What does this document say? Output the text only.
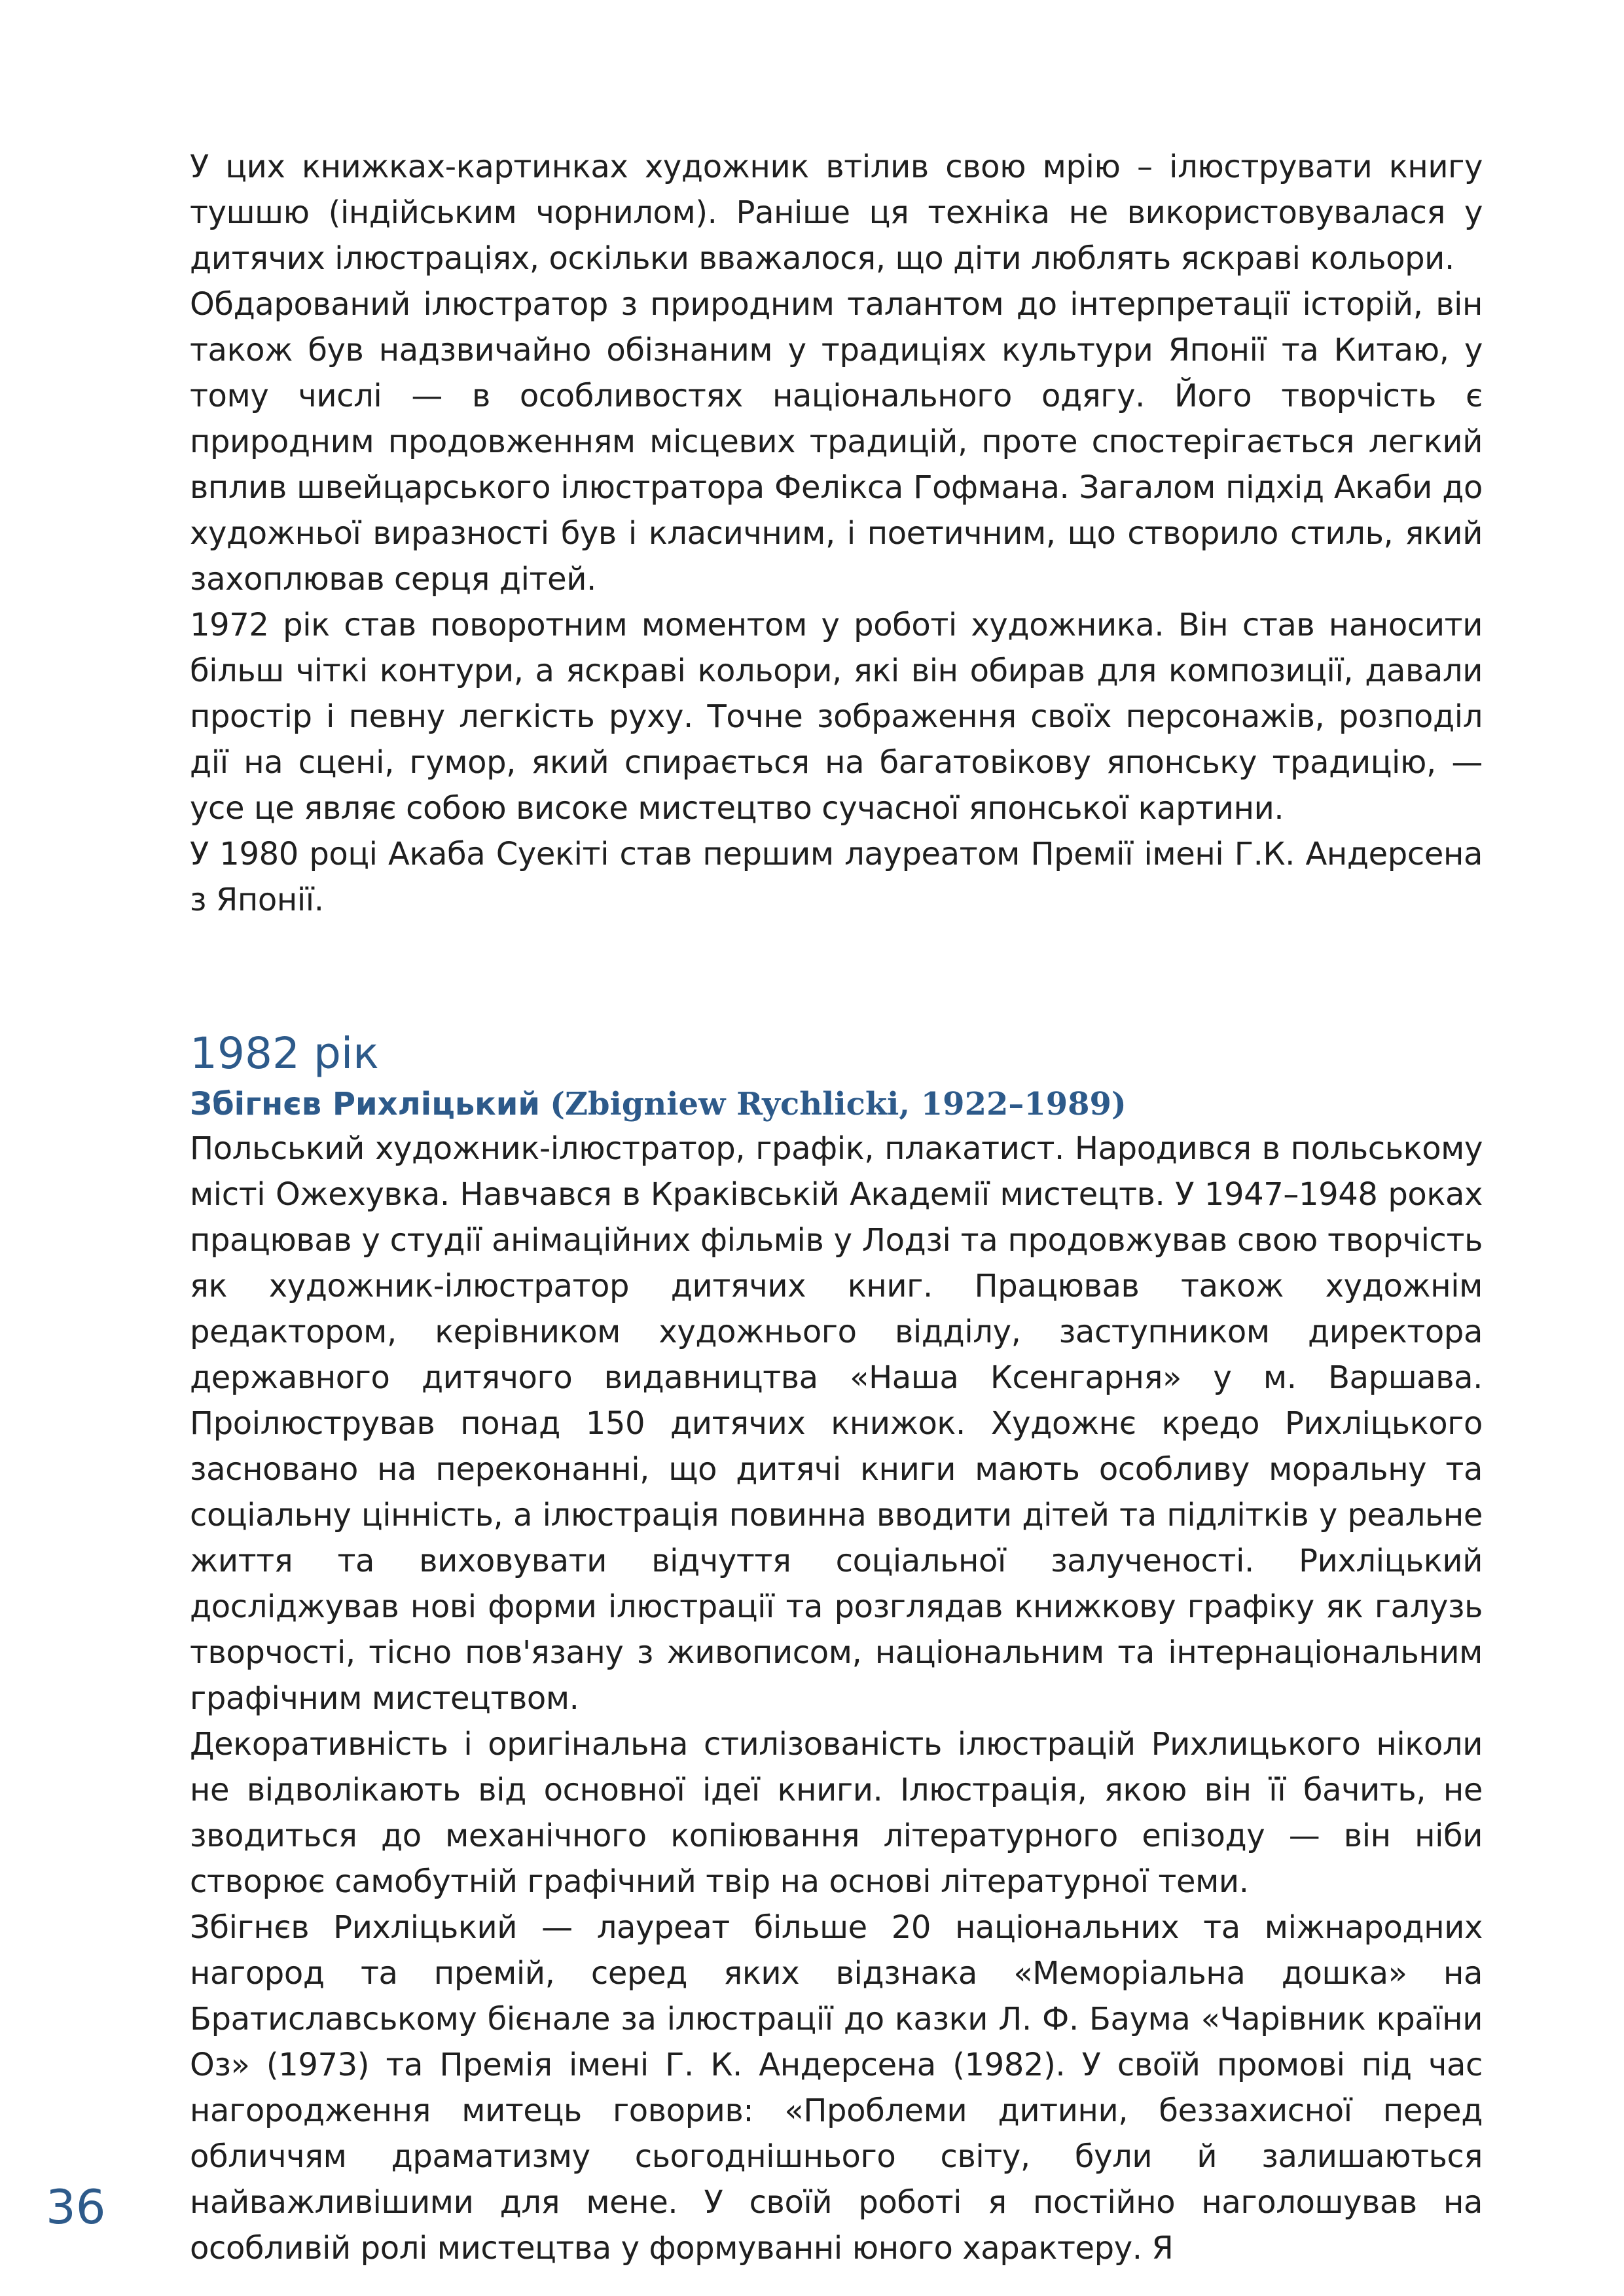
У цих книжках-картинках художник втілив свою мрію – ілюструвати книгу тушшю (індійським чорнилом). Раніше ця техніка не використовувалася у дитячих ілюстраціях, оскільки вважалося, що діти люблять яскраві кольори.

Обдарований ілюстратор з природним талантом до інтерпретації історій, він також був надзвичайно обізнаним у традиціях культури Японії та Китаю, у тому числі — в особливостях національного одягу. Його творчість є природним продовженням місцевих традицій, проте спостерігається легкий вплив швейцарського ілюстратора Фелікса Гофмана. Загалом підхід Акаби до художньої виразності був і класичним, і поетичним, що створило стиль, який захоплював серця дітей.

1972 рік став поворотним моментом у роботі художника. Він став наносити більш чіткі контури, а яскраві кольори, які він обирав для композиції, давали простір і певну легкість руху. Точне зображення своїх персонажів, розподіл дії на сцені, гумор, який спирається на багатовікову японську традицію, — усе це являє собою високе мистецтво сучасної японської картини.

У 1980 році Акаба Суекіті став першим лауреатом Премії імені Г.К. Андерсена з Японії.

1982 рік

Збігнєв Рихліцький (Zbigniew Rychlicki, 1922–1989)

Польський художник-ілюстратор, графік, плакатист. Народився в польському місті Ожехувка. Навчався в Краківській Академії мистецтв. У 1947–1948 роках працював у студії анімаційних фільмів у Лодзі та продовжував свою творчість як художник-ілюстратор дитячих книг. Працював також художнім редактором, керівником художнього відділу, заступником директора державного дитячого видавництва «Наша Ксенгарня» у м. Варшава. Проілюстрував понад 150 дитячих книжок. Художнє кредо Рихліцького засновано на переконанні, що дитячі книги мають особливу моральну та соціальну цінність, а ілюстрація повинна вводити дітей та підлітків у реальне життя та виховувати відчуття соціальної залученості. Рихліцький досліджував нові форми ілюстрації та розглядав книжкову графіку як галузь творчості, тісно пов'язану з живописом, національним та інтернаціональним графічним мистецтвом.

Декоративність і оригінальна стилізованість ілюстрацій Рихлицького ніколи не відволікають від основної ідеї книги. Ілюстрація, якою він її бачить, не зводиться до механічного копіювання літературного епізоду — він ніби створює самобутній графічний твір на основі літературної теми.

Збігнєв Рихліцький — лауреат більше 20 національних та міжнародних нагород та премій, серед яких відзнака «Меморіальна дошка» на Братиславському бієнале за ілюстрації до казки Л. Ф. Баума «Чарівник країни Оз» (1973) та Премія імені Г. К. Андерсена (1982). У своїй промові під час нагородження митець говорив: «Проблеми дитини, беззахисної перед обличчям драматизму сьогоднішнього світу, були й залишаються найважливішими для мене. У своїй роботі я постійно наголошував на особливій ролі мистецтва у формуванні юного характеру. Я

36
